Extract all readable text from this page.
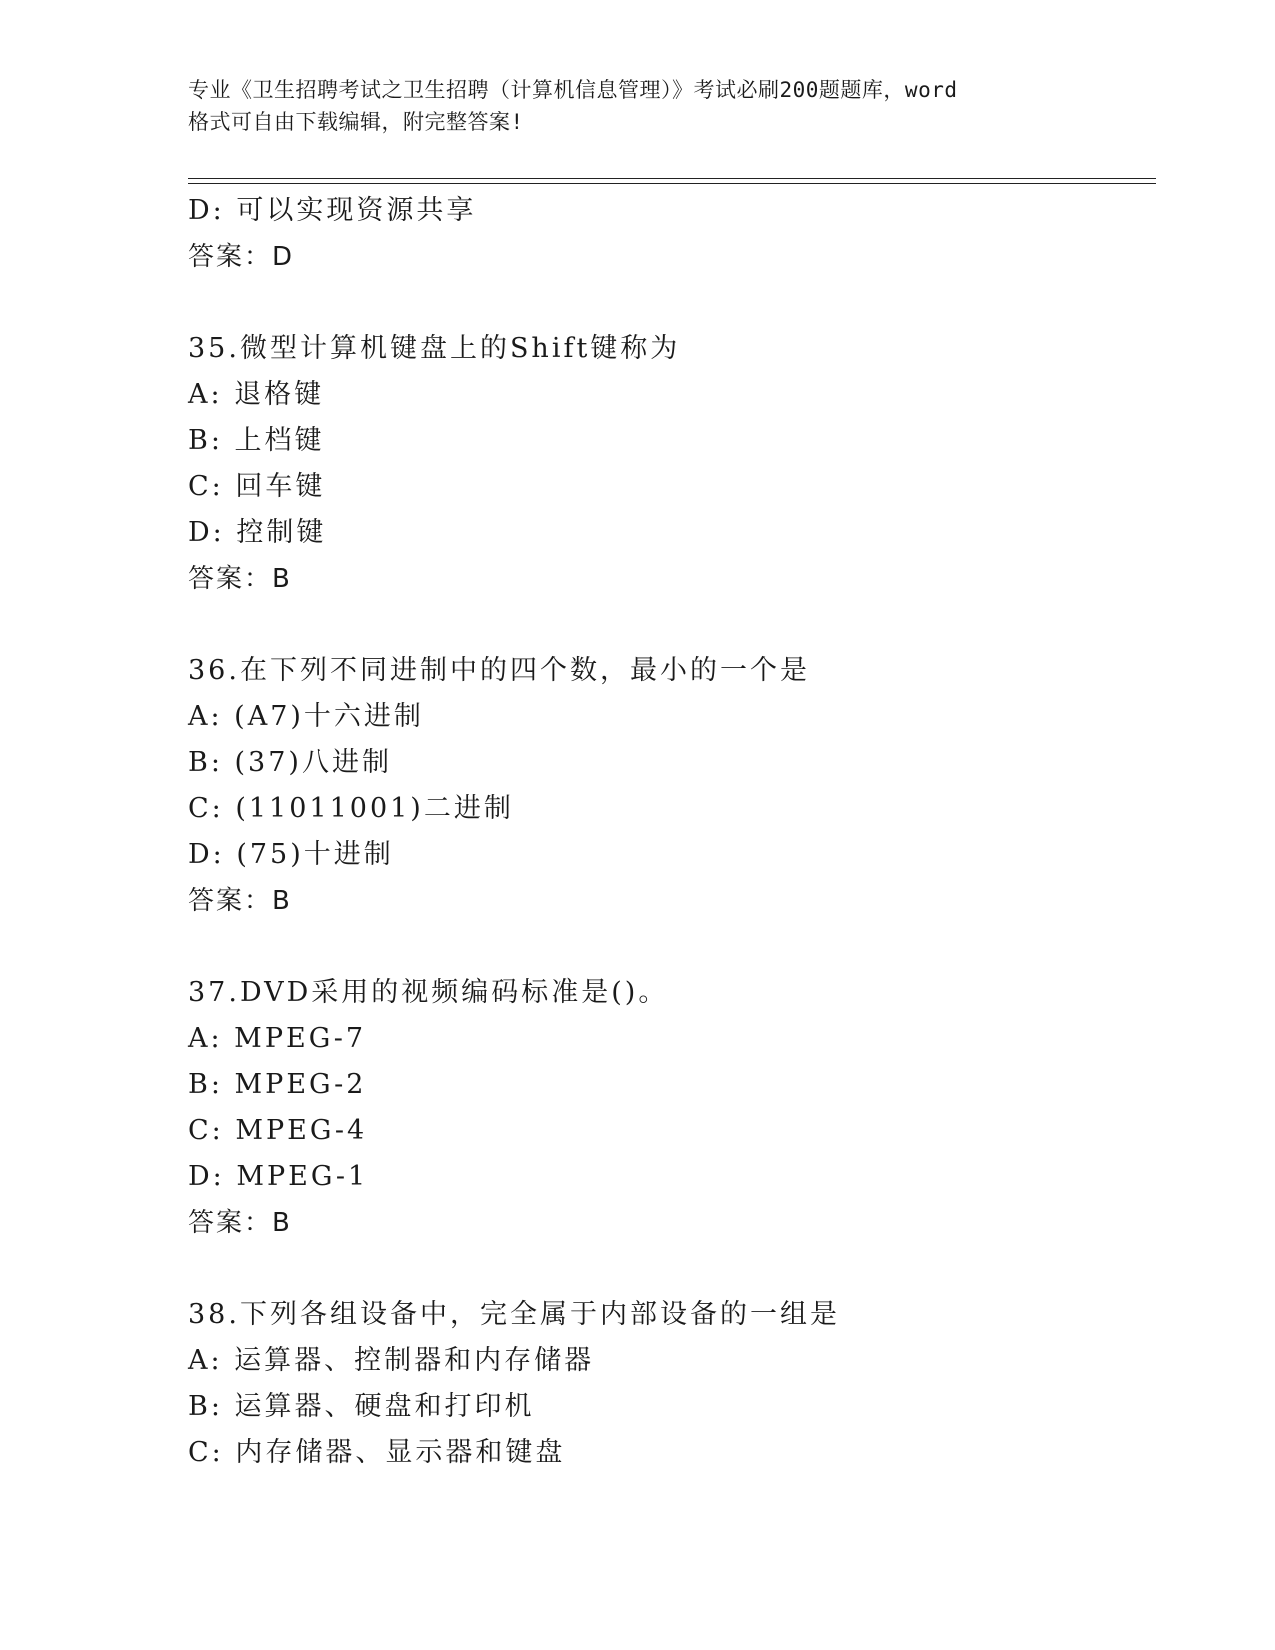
专业《卫生招聘考试之卫生招聘（计算机信息管理）》考试必刷200题题库，word
格式可自由下载编辑，附完整答案!
D: 可以实现资源共享
答案：D
35.微型计算机键盘上的Shift键称为
A: 退格键
B: 上档键
C: 回车键
D: 控制键
答案：B
36.在下列不同进制中的四个数，最小的一个是
A: (A7)十六进制
B: (37)八进制
C: (11011001)二进制
D: (75)十进制
答案：B
37.DVD采用的视频编码标准是()。
A: MPEG-7
B: MPEG-2
C: MPEG-4
D: MPEG-1
答案：B
38.下列各组设备中，完全属于内部设备的一组是
A: 运算器、控制器和内存储器
B: 运算器、硬盘和打印机
C: 内存储器、显示器和键盘
